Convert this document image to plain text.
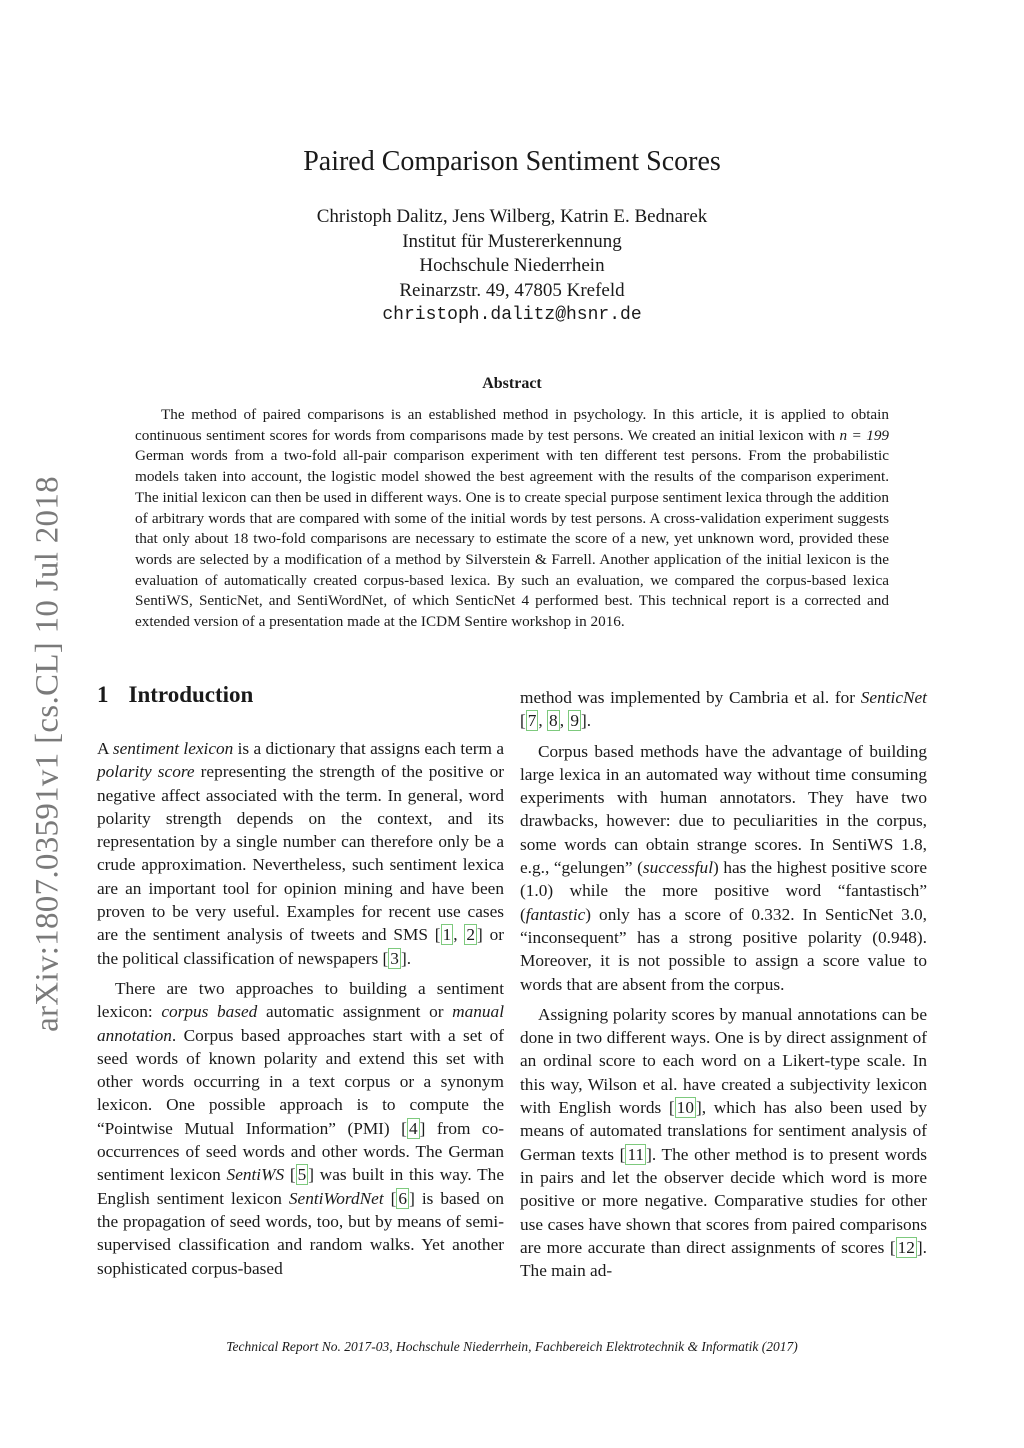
arXiv:1807.03591v1 [cs.CL] 10 Jul 2018
Paired Comparison Sentiment Scores
Christoph Dalitz, Jens Wilberg, Katrin E. Bednarek
Institut für Mustererkennung
Hochschule Niederrhein
Reinarzstr. 49, 47805 Krefeld
christoph.dalitz@hsnr.de
Abstract

The method of paired comparisons is an established method in psychology. In this article, it is applied to obtain continuous sentiment scores for words from comparisons made by test persons. We created an initial lexicon with n = 199 German words from a two-fold all-pair comparison experiment with ten different test persons. From the probabilistic models taken into account, the logistic model showed the best agreement with the results of the comparison experiment. The initial lexicon can then be used in different ways. One is to create special purpose sentiment lexica through the addition of arbitrary words that are compared with some of the initial words by test persons. A cross-validation experiment suggests that only about 18 two-fold comparisons are necessary to estimate the score of a new, yet unknown word, provided these words are selected by a modification of a method by Silverstein & Farrell. Another application of the initial lexicon is the evaluation of automatically created corpus-based lexica. By such an evaluation, we compared the corpus-based lexica SentiWS, SenticNet, and SentiWordNet, of which SenticNet 4 performed best. This technical report is a corrected and extended version of a presentation made at the ICDM Sentire workshop in 2016.

1 Introduction

A sentiment lexicon is a dictionary that assigns each term a polarity score representing the strength of the positive or negative affect associated with the term. In general, word polarity strength depends on the context, and its representation by a single number can therefore only be a crude approximation. Nevertheless, such sentiment lexica are an important tool for opinion mining and have been proven to be very useful. Examples for recent use cases are the sentiment analysis of tweets and SMS [ 1 , 2 ] or the political classification of newspapers [ 3 ].

There are two approaches to building a sentiment lexicon: corpus based automatic assignment or manual annotation. Corpus based approaches start with a set of seed words of known polarity and extend this set with other words occurring in a text corpus or a synonym lexicon. One possible approach is to compute the “Pointwise Mutual Information” (PMI) [ 4 ] from co-occurrences of seed words and other words. The German sentiment lexicon SentiWS [ 5 ] was built in this way. The English sentiment lexicon SentiWordNet [ 6 ] is based on the propagation of seed words, too, but by means of semi-supervised classification and random walks. Yet another sophisticated corpus-based

method was implemented by Cambria et al. for SenticNet [ 7 , 8 , 9 ].

Corpus based methods have the advantage of building large lexica in an automated way without time consuming experiments with human annotators. They have two drawbacks, however: due to peculiarities in the corpus, some words can obtain strange scores. In SentiWS 1.8, e.g., “gelungen” (successful) has the highest positive score (1.0) while the more positive word “fantastisch” (fantastic) only has a score of 0.332. In SenticNet 3.0, “inconsequent” has a strong positive polarity (0.948). Moreover, it is not possible to assign a score value to words that are absent from the corpus.

Assigning polarity scores by manual annotations can be done in two different ways. One is by direct assignment of an ordinal score to each word on a Likert-type scale. In this way, Wilson et al. have created a subjectivity lexicon with English words [ 10 ], which has also been used by means of automated translations for sentiment analysis of German texts [ 11 ]. The other method is to present words in pairs and let the observer decide which word is more positive or more negative. Comparative studies for other use cases have shown that scores from paired comparisons are more accurate than direct assignments of scores [ 12 ]. The main ad-

Technical Report No. 2017-03, Hochschule Niederrhein, Fachbereich Elektrotechnik & Informatik (2017)
